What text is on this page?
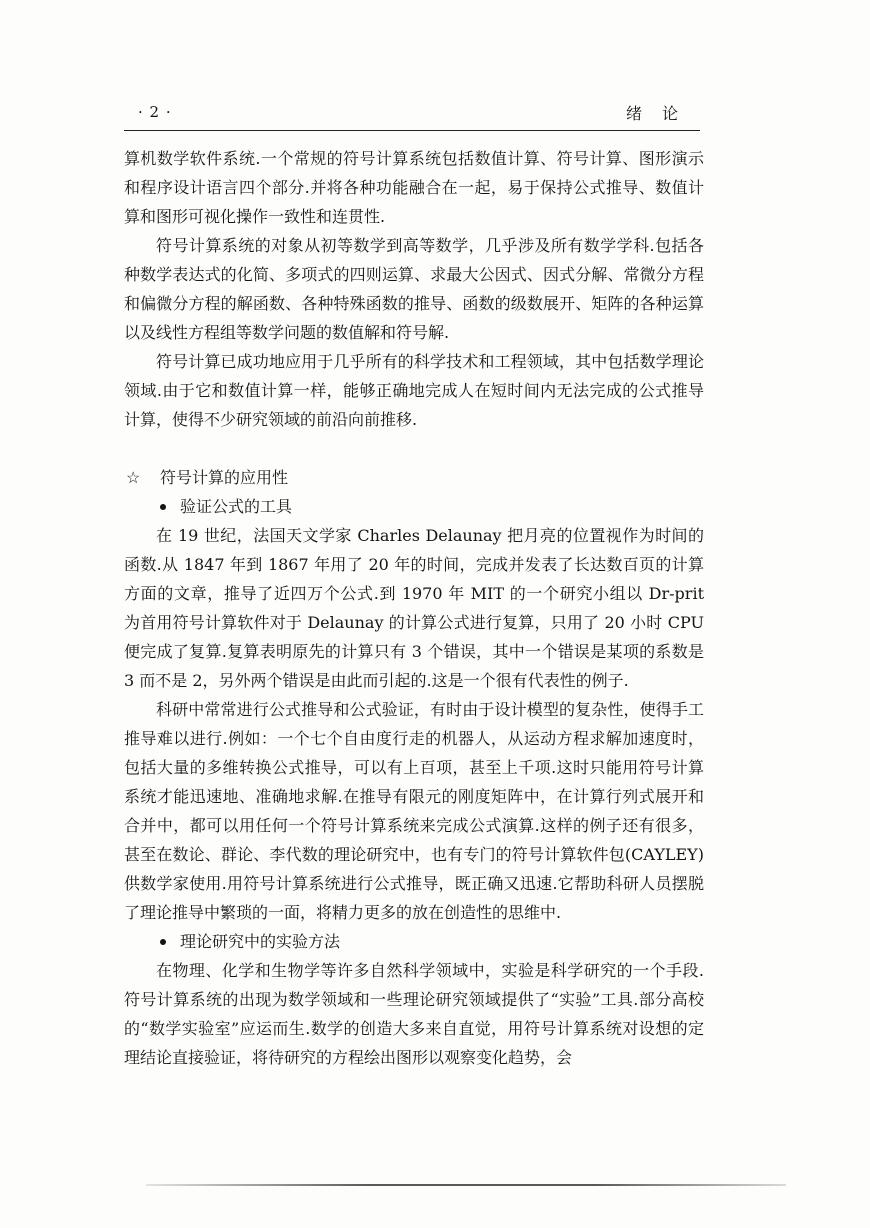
· 2 ·	绪论

算机数学软件系统.一个常规的符号计算系统包括数值计算、符号计算、图形演示和程序设计语言四个部分.并将各种功能融合在一起，易于保持公式推导、数值计算和图形可视化操作一致性和连贯性.

符号计算系统的对象从初等数学到高等数学，几乎涉及所有数学学科.包括各种数学表达式的化简、多项式的四则运算、求最大公因式、因式分解、常微分方程和偏微分方程的解函数、各种特殊函数的推导、函数的级数展开、矩阵的各种运算以及线性方程组等数学问题的数值解和符号解.

符号计算已成功地应用于几乎所有的科学技术和工程领域，其中包括数学理论领域.由于它和数值计算一样，能够正确地完成人在短时间内无法完成的公式推导计算，使得不少研究领域的前沿向前推移.

☆	符号计算的应用性
验证公式的工具

在 19 世纪，法国天文学家 Charles Delaunay 把月亮的位置视作为时间的函数.从 1847 年到 1867 年用了 20 年的时间，完成并发表了长达数百页的计算方面的文章，推导了近四万个公式.到 1970 年 MIT 的一个研究小组以 Dr-prit 为首用符号计算软件对于 Delaunay 的计算公式进行复算，只用了 20 小时 CPU 便完成了复算.复算表明原先的计算只有 3 个错误，其中一个错误是某项的系数是 3 而不是 2，另外两个错误是由此而引起的.这是一个很有代表性的例子.

科研中常常进行公式推导和公式验证，有时由于设计模型的复杂性，使得手工推导难以进行.例如：一个七个自由度行走的机器人，从运动方程求解加速度时，包括大量的多维转换公式推导，可以有上百项，甚至上千项.这时只能用符号计算系统才能迅速地、准确地求解.在推导有限元的刚度矩阵中，在计算行列式展开和合并中，都可以用任何一个符号计算系统来完成公式演算.这样的例子还有很多，甚至在数论、群论、李代数的理论研究中，也有专门的符号计算软件包(CAYLEY)供数学家使用.用符号计算系统进行公式推导，既正确又迅速.它帮助科研人员摆脱了理论推导中繁琐的一面，将精力更多的放在创造性的思维中.

理论研究中的实验方法

在物理、化学和生物学等许多自然科学领域中，实验是科学研究的一个手段.符号计算系统的出现为数学领域和一些理论研究领域提供了“实验”工具.部分高校的“数学实验室”应运而生.数学的创造大多来自直觉，用符号计算系统对设想的定理结论直接验证，将待研究的方程绘出图形以观察变化趋势，会
